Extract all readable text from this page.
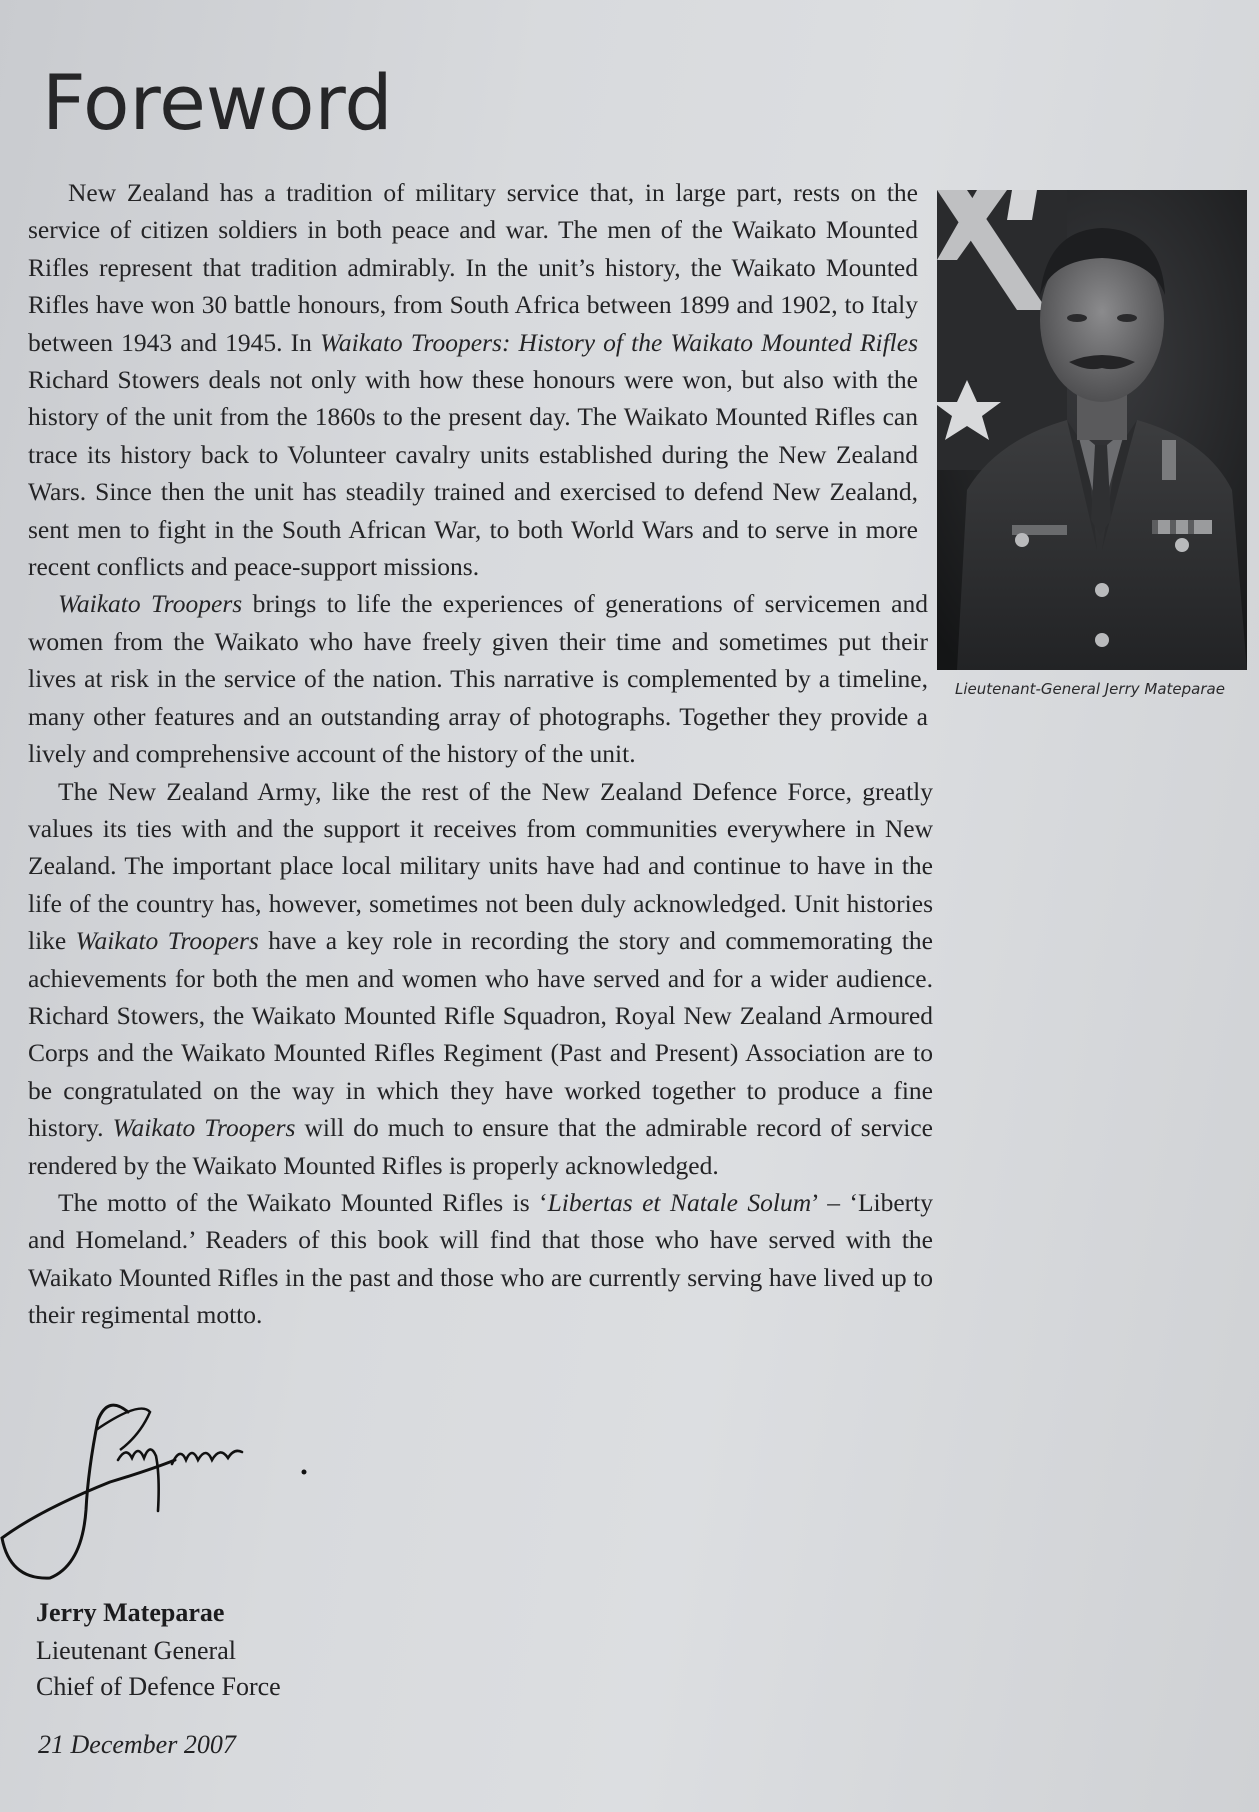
Foreword

New Zealand has a tradition of military service that, in large part, rests on the service of citizen soldiers in both peace and war. The men of the Waikato Mounted Rifles represent that tradition admirably. In the unit’s history, the Waikato Mounted Rifles have won 30 battle honours, from South Africa between 1899 and 1902, to Italy between 1943 and 1945. In Waikato Troopers: History of the Waikato Mounted Rifles Richard Stowers deals not only with how these honours were won, but also with the history of the unit from the 1860s to the present day. The Waikato Mounted Rifles can trace its history back to Volunteer cavalry units established during the New Zealand Wars. Since then the unit has steadily trained and exercised to defend New Zealand, sent men to fight in the South African War, to both World Wars and to serve in more recent conflicts and peace-support missions.

Waikato Troopers brings to life the experiences of generations of servicemen and women from the Waikato who have freely given their time and sometimes put their lives at risk in the service of the nation. This narrative is complemented by a timeline, many other features and an outstanding array of photographs. Together they provide a lively and comprehensive account of the history of the unit.

The New Zealand Army, like the rest of the New Zealand Defence Force, greatly values its ties with and the support it receives from communities everywhere in New Zealand. The important place local military units have had and continue to have in the life of the country has, however, sometimes not been duly acknowledged. Unit histories like Waikato Troopers have a key role in recording the story and commemorating the achievements for both the men and women who have served and for a wider audience. Richard Stowers, the Waikato Mounted Rifle Squadron, Royal New Zealand Armoured Corps and the Waikato Mounted Rifles Regiment (Past and Present) Association are to be congratulated on the way in which they have worked together to produce a fine history. Waikato Troopers will do much to ensure that the admirable record of service rendered by the Waikato Mounted Rifles is properly acknowledged.

The motto of the Waikato Mounted Rifles is ‘Libertas et Natale Solum’ – ‘Liberty and Homeland.’ Readers of this book will find that those who have served with the Waikato Mounted Rifles in the past and those who are currently serving have lived up to their regimental motto.

Lieutenant-General Jerry Mateparae
Jerry Mateparae
Lieutenant General
Chief of Defence Force
21 December 2007
